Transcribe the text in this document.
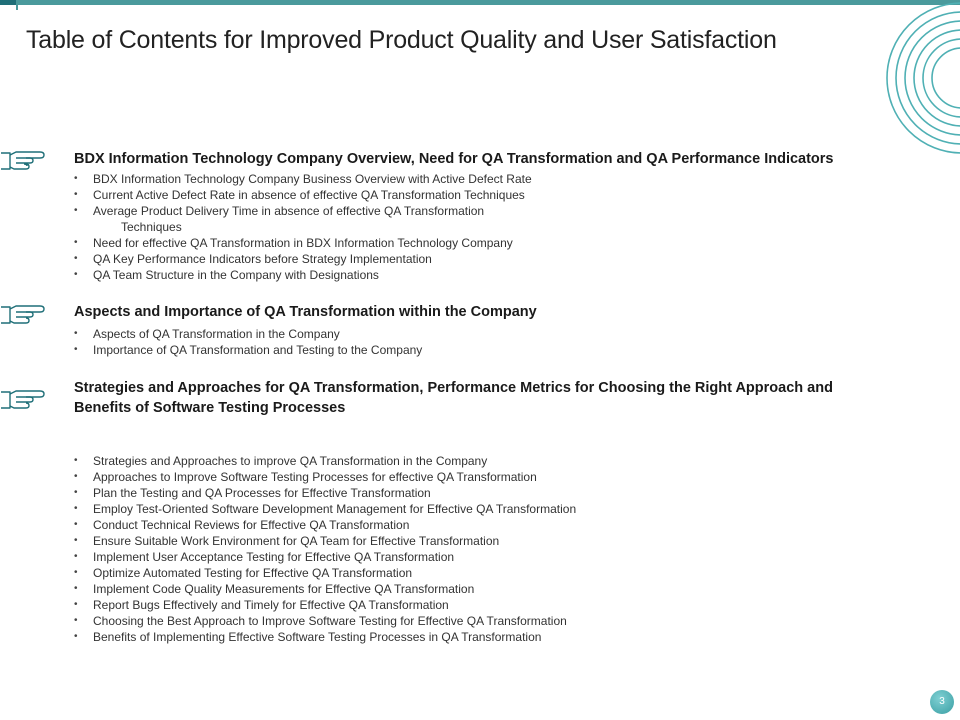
Table of Contents for Improved Product Quality and User Satisfaction
BDX Information Technology Company Overview, Need for QA Transformation and QA Performance Indicators
• BDX Information Technology Company Business Overview with Active Defect Rate
• Current Active Defect Rate in absence of effective QA Transformation Techniques
• Average Product Delivery Time in absence of effective QA Transformation
Techniques
• Need for effective QA Transformation in BDX Information Technology Company
• QA Key Performance Indicators before Strategy Implementation
• QA Team Structure in the Company with Designations
Aspects and Importance of QA Transformation within the Company
• Aspects of QA Transformation in the Company
• Importance of QA Transformation and Testing to the Company
Strategies and Approaches for QA Transformation, Performance Metrics for Choosing the Right Approach and
Benefits of Software Testing Processes
• Strategies and Approaches to improve QA Transformation in the Company
• Approaches to Improve Software Testing Processes for effective QA Transformation
• Plan the Testing and QA Processes for Effective Transformation
• Employ Test-Oriented Software Development Management for Effective QA Transformation
• Conduct Technical Reviews for Effective QA Transformation
• Ensure Suitable Work Environment for QA Team for Effective Transformation
• Implement User Acceptance Testing for Effective QA Transformation
• Optimize Automated Testing for Effective QA Transformation
• Implement Code Quality Measurements for Effective QA Transformation
• Report Bugs Effectively and Timely for Effective QA Transformation
• Choosing the Best Approach to Improve Software Testing for Effective QA Transformation
• Benefits of Implementing Effective Software Testing Processes in QA Transformation
3
